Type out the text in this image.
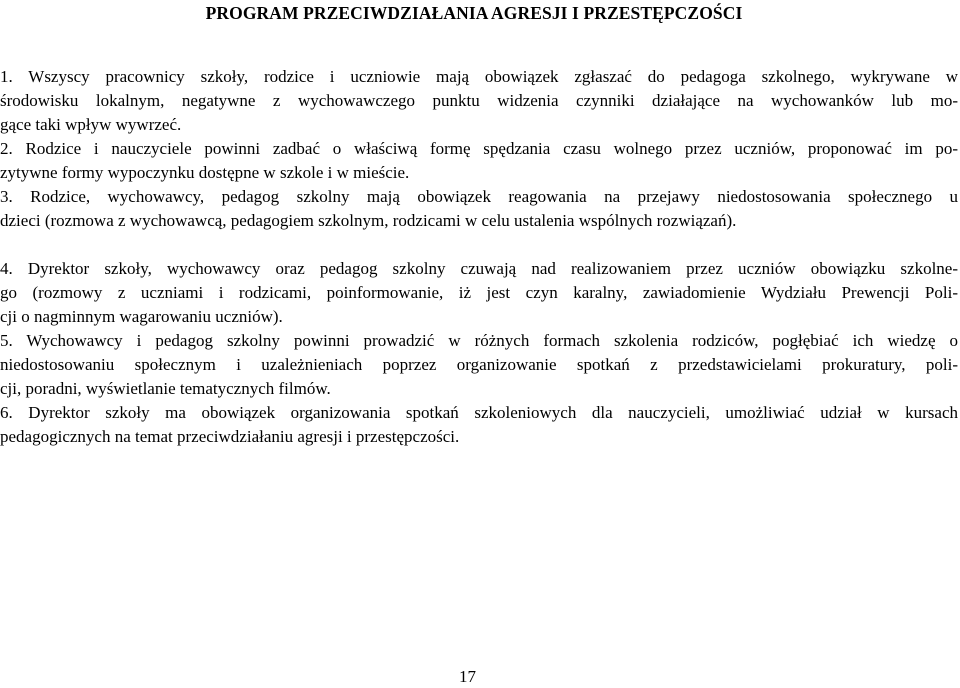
PROGRAM PRZECIWDZIAŁANIA AGRESJI I PRZESTĘPCZOŚCI
1. Wszyscy pracownicy szkoły, rodzice i uczniowie mają obowiązek zgłaszać do pedagoga szkolnego, wykrywane w
środowisku lokalnym, negatywne z wychowawczego punktu widzenia czynniki działające na wychowanków lub mo-
gące taki wpływ wywrzeć.
2. Rodzice i nauczyciele powinni zadbać o właściwą formę spędzania czasu wolnego przez uczniów, proponować im po-
zytywne formy wypoczynku dostępne w szkole i w mieście.
3. Rodzice, wychowawcy, pedagog szkolny mają obowiązek reagowania na przejawy niedostosowania społecznego u
dzieci (rozmowa z wychowawcą, pedagogiem szkolnym, rodzicami w celu ustalenia wspólnych rozwiązań).
4. Dyrektor szkoły, wychowawcy oraz pedagog szkolny czuwają nad realizowaniem przez uczniów obowiązku szkolne-
go (rozmowy z uczniami i rodzicami, poinformowanie, iż jest czyn karalny, zawiadomienie Wydziału Prewencji Poli-
cji o nagminnym wagarowaniu uczniów).
5. Wychowawcy i pedagog szkolny powinni prowadzić w różnych formach szkolenia rodziców, pogłębiać ich wiedzę o
niedostosowaniu społecznym i uzależnieniach poprzez organizowanie spotkań z przedstawicielami prokuratury, poli-
cji, poradni, wyświetlanie tematycznych filmów.
6. Dyrektor szkoły ma obowiązek organizowania spotkań szkoleniowych dla nauczycieli, umożliwiać udział w kursach
pedagogicznych na temat przeciwdziałaniu agresji i przestępczości.
17
